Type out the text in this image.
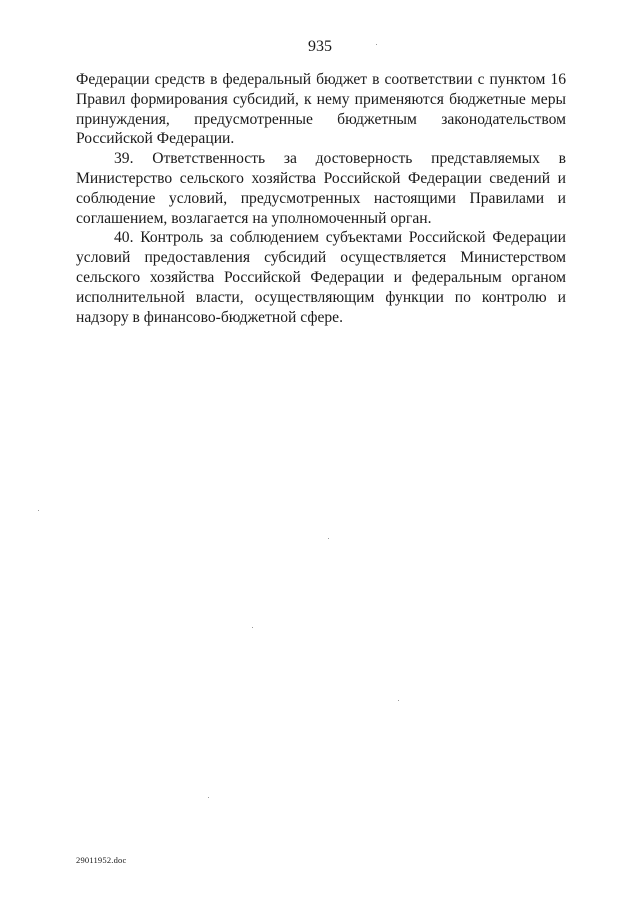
935

Федерации средств в федеральный бюджет в соответствии с пунктом 16 Правил формирования субсидий, к нему применяются бюджетные меры принуждения, предусмотренные бюджетным законодательством Российской Федерации.

39. Ответственность за достоверность представляемых в Министерство сельского хозяйства Российской Федерации сведений и соблюдение условий, предусмотренных настоящими Правилами и соглашением, возлагается на уполномоченный орган.

40. Контроль за соблюдением субъектами Российской Федерации условий предоставления субсидий осуществляется Министерством сельского хозяйства Российской Федерации и федеральным органом исполнительной власти, осуществляющим функции по контролю и надзору в финансово-бюджетной сфере.

29011952.doc
